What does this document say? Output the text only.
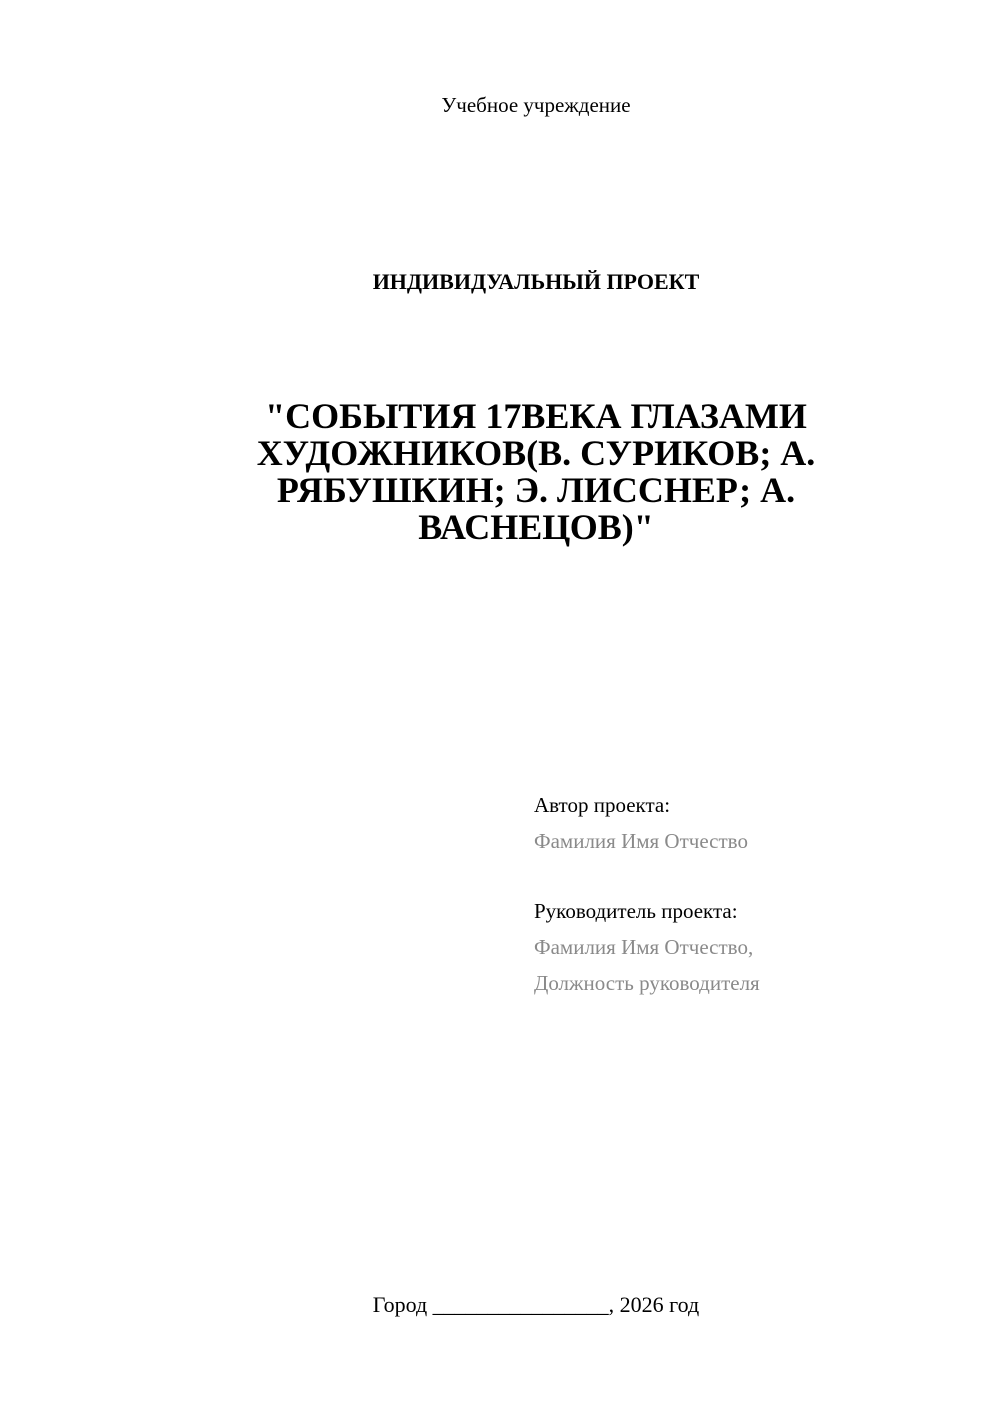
Учебное учреждение
ИНДИВИДУАЛЬНЫЙ ПРОЕКТ
"СОБЫТИЯ 17ВЕКА ГЛАЗАМИ
ХУДОЖНИКОВ(В. СУРИКОВ; А.
РЯБУШКИН; Э. ЛИССНЕР; А.
ВАСНЕЦОВ)"
Автор проекта:
Фамилия Имя Отчество
Руководитель проекта:
Фамилия Имя Отчество,
Должность руководителя
Город ________________, 2026 год
